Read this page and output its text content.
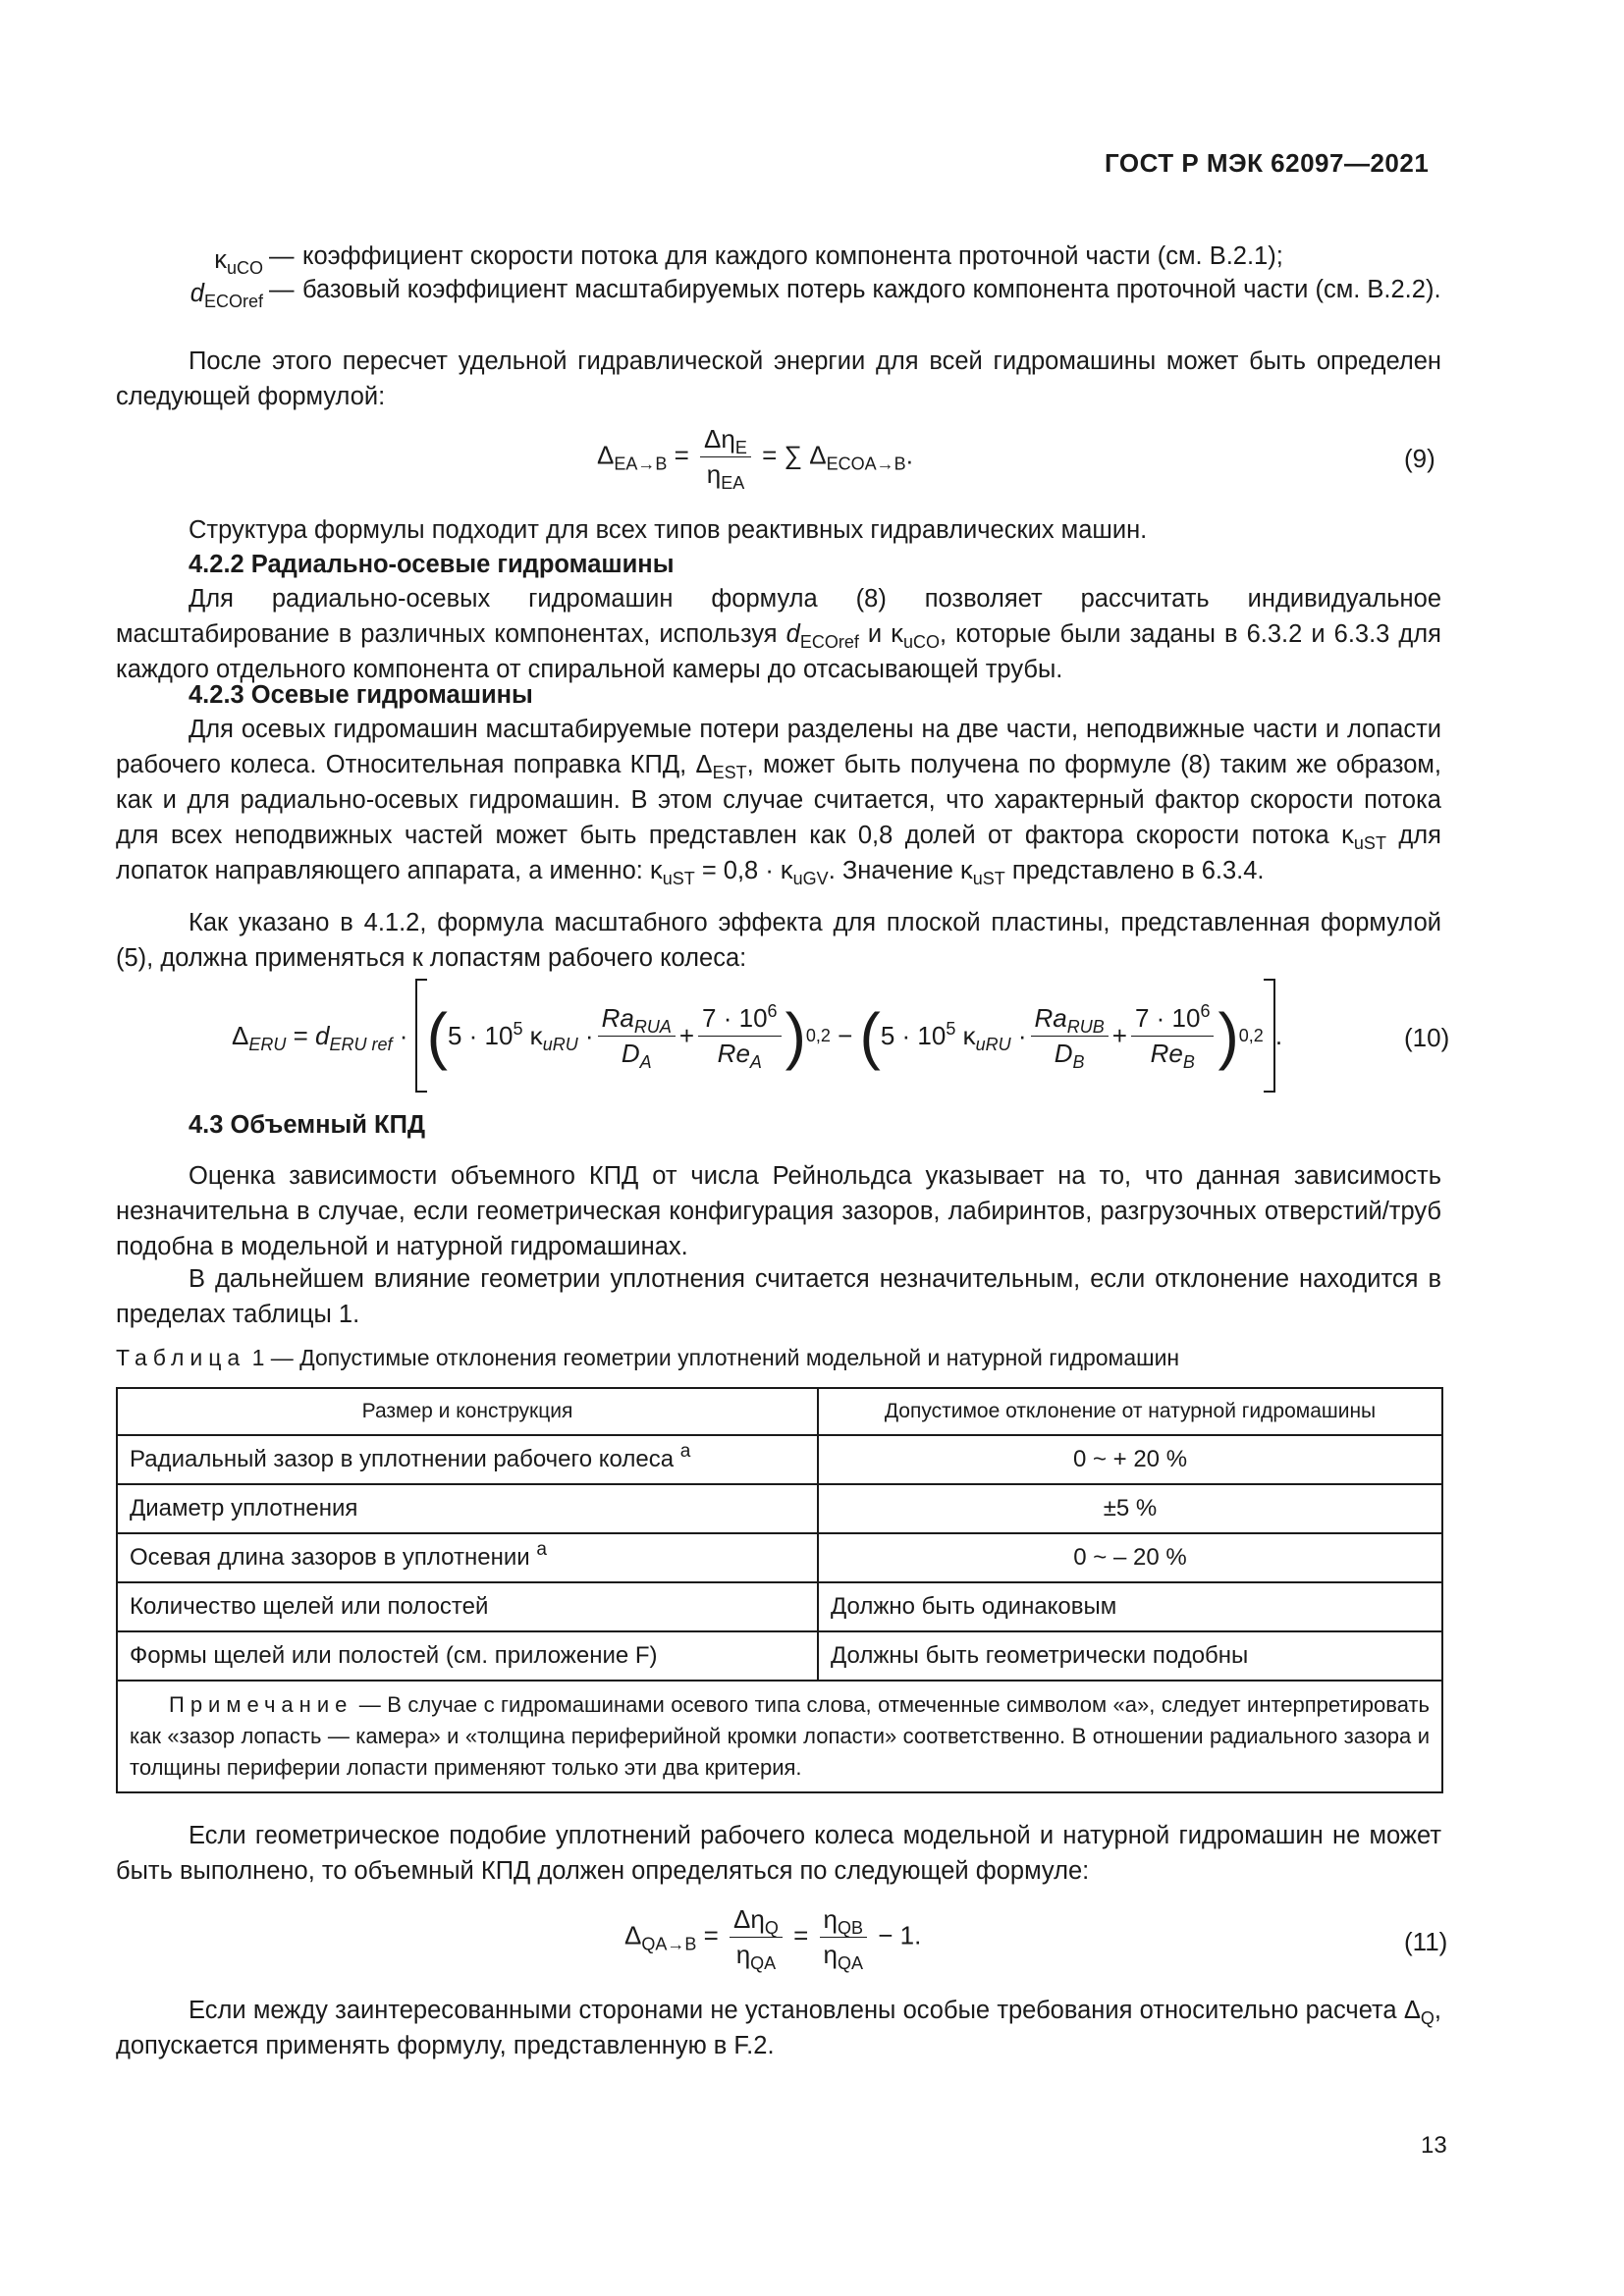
ГОСТ Р МЭК 62097—2021
$\kappa_{uCO}$ — коэффициент скорости потока для каждого компонента проточной части (см. В.2.1);
$d_{ECOref}$ — базовый коэффициент масштабируемых потерь каждого компонента проточной части (см. В.2.2).
После этого пересчет удельной гидравлической энергии для всей гидромашины может быть определен следующей формулой:
$\Delta_{EA\to B} = \frac{\Delta\eta_E}{\eta_{EA}}$ = ∑ $\Delta_{ECOA\to B}$.	(9)
Структура формулы подходит для всех типов реактивных гидравлических машин.
4.2.2 Радиально-осевые гидромашины
Для радиально-осевых гидромашин формула (8) позволяет рассчитать индивидуальное масштабирование в различных компонентах, используя $d_{ECOref}$ и $\kappa_{uCO}$, которые были заданы в 6.3.2 и 6.3.3 для каждого отдельного компонента от спиральной камеры до отсасывающей трубы.
4.2.3 Осевые гидромашины
Для осевых гидромашин масштабируемые потери разделены на две части, неподвижные части и лопасти рабочего колеса. Относительная поправка КПД, $\Delta_{EST}$, может быть получена по формуле (8) таким же образом, как и для радиально-осевых гидромашин. В этом случае считается, что характерный фактор скорости потока для всех неподвижных частей может быть представлен как 0,8 долей от фактора скорости потока $\kappa_{uST}$ для лопаток направляющего аппарата, а именно: $\kappa_{uST} = 0,8 \cdot \kappa_{uGV}$. Значение $\kappa_{uST}$ представлено в 6.3.4.
Как указано в 4.1.2, формула масштабного эффекта для плоской пластины, представленная формулой (5), должна применяться к лопастям рабочего колеса:
$\Delta_{ERU} = d_{ERU ref}$ · ( $5 \cdot 10^5$ $\kappa_{uRU} \cdot \frac{Ra_{RUA}}{D_A} + \frac{7 \cdot 10^6}{Re_A}$ ) 0,2 − ( $5 \cdot 10^5$ $\kappa_{uRU} \cdot \frac{Ra_{RUB}}{D_B} + \frac{7 \cdot 10^6}{Re_B}$ ) 0,2 .	(10)
4.3 Объемный КПД
Оценка зависимости объемного КПД от числа Рейнольдса указывает на то, что данная зависимость незначительна в случае, если геометрическая конфигурация зазоров, лабиринтов, разгрузочных отверстий/труб подобна в модельной и натурной гидромашинах.
В дальнейшем влияние геометрии уплотнения считается незначительным, если отклонение находится в пределах таблицы 1.
Таблица 1 — Допустимые отклонения геометрии уплотнений модельной и натурной гидромашин
Размер и конструкция	Допустимое отклонение от натурной гидромашины
Радиальный зазор в уплотнении рабочего колеса $^a$	0 ~ + 20 %
Диаметр уплотнения	±5 %
Осевая длина зазоров в уплотнении $^a$	0 ~ – 20 %
Количество щелей или полостей	Должно быть одинаковым
Формы щелей или полостей (см. приложение F)	Должны быть геометрически подобны
Примечание — В случае с гидромашинами осевого типа слова, отмеченные символом «а», следует интерпретировать как «зазор лопасть — камера» и «толщина периферийной кромки лопасти» соответственно. В отношении радиального зазора и толщины периферии лопасти применяют только эти два критерия.	
Если геометрическое подобие уплотнений рабочего колеса модельной и натурной гидромашин не может быть выполнено, то объемный КПД должен определяться по следующей формуле:
$\Delta_{QA\to B} = \frac{\Delta\eta_Q}{\eta_{QA}} = \frac{\eta_{QB}}{\eta_{QA}} - 1$.	(11)
Если между заинтересованными сторонами не установлены особые требования относительно расчета $\Delta_Q$, допускается применять формулу, представленную в F.2.
13
